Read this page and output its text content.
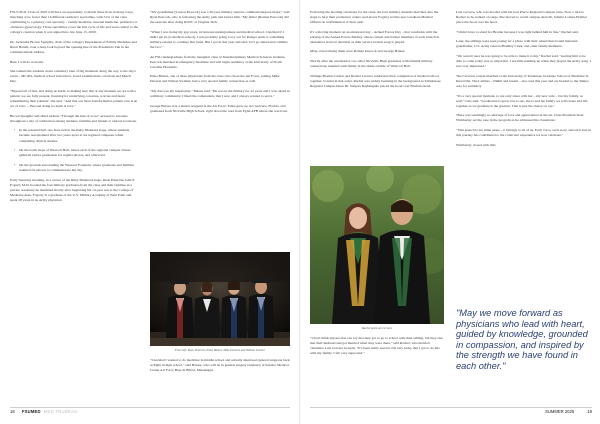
FSU's M.D. Class of 2025 will have an opportunity to match these lives in many ways, matching at no fewer than 16 different residency specialties, with 51% of the class committing to a primary care specialty – family medicine, internal medicine, pediatrics or obstetrics-gynecology. Those specialties cover the full cycle of life and were central to the college's creation when it was signed into law June 15, 2000.

Dr. Jordonika Brown Speights, chair of the college's Department of Family Medicine and Rural Health, took a deep look beyond the opening line of the President's Zeh in her commencement address.

Best, I will do no harm.

She walked the students down a memory lane of big moments along the way to the day's event – MCATs, medical school interviews, board examinations, rotations and Match Day.

"Beyond all of that, and doing no harm, is making sure that at any moment we are with a patient, we are fully present, listening for underlying concerns, worries and fears; remembering their patients" she said. "And that our most transformative patient care is an act of love. ... Beyond doing no harm is love."

Brown Speights' self-titled address "Through the lens of Love" stressed to resonate throughout a day of celebration among students, families and friends at various locations.

• In the rebound hall, one floor below the Ruby Diamond stage, where students became reacquainted after two years apart at six regional campuses while completing clinical studies.
• On the north steps of Westcott Hall, where each of the regional campus classes gathered before graduation for regalia photos; and afterward.
• On the grounds surrounding the Westcott Fountain, where graduates and families reunited for photos to commemorate the day.

Early Saturday morning, in a corner of the Ruby Diamond stage, Dean Emeritus John P. Fogarty M.D. hooded the four military graduates from the class and their families in a private ceremony he instituted shortly after beginning his 14-year run as the College of Medicine dean. Fogarty is a graduate of the U.S. Military Academy at West Point and spent 28 years in an Army physician

"My grandfather [Carson Peacock] was a 26-year military veteran, command surgeon major," said Ryan Peacock, who is following the Army path laid before him. "My father [Roman Peacock] did the exercise after doing ROTC at Virginia Tech.

"When I was doing my gap years, in between undergraduate and medical school, I decided if I didn't get in [to medical school], I was probably going to try out for Ranger team or something military-related to continue that trend. But I got in that year and said, 'let's go ahead and combine the two.'"

An FSU undergraduate from the inaugural class of Interdisciplinary Medical Sciences students, Peacock matched in emergency medicine and will begin residency at the University of North Carolina Hospitals.

Erika Balaez, one of three physicians from the class who chose the Air Force, joining Mike Daveria and Nathan Swisher, had a very special family connection as well.

"My dad was my inspiration," Balaez said. "He was in the military for 22 years and I was raised in a military community. I liked the camaraderie that I saw, and I always wanted to serve."

George Balaez was a master sergeant in the Air Force. Erika grew up in Crestview, Florida, and graduated from Niceville High School, right down the road from Eglin AFB where she was born.

From left: Ryan Peacock, Erika Balaez, Mike Daveria and Nathan Swisher

"I decided I wanted to do medicine in middle school and actually shadowed general surgeons back at Eglin in high school," said Balaez, who will be in general surgery residency at Keesler Medical Center Air Force Base in Biloxi, Mississippi.

18 FSUMED MED TRUDEAU

Following the hooding ceremony for the class, the four military students marched onto the stage to hear their promotion orders read aloud. Fogarty led the new Graduate Medical Officers in reaffirmation of their oath.

It's a moving moment on an emotional day – Armed Forces Day – that concludes with the playing of the Armed Forces Medley, where current and former members of each branch in attendance stand at attention as their service branch song is played.

Mary-creed among them were Roman Peacock and George Balaez.

Shortly after the ceremonial, two other Niceville High graduates with familial military connections reunited with family in the shade outside of Westcott Hall.

Siblings Bradan Carbon and Rachel Cervera celebrated their completion of medical school together, bonded in that order. Rachel was widely beaming in the background as Tallahassee Regional Campus Dean Dr. Sanjeev Rajhangiale placed the hood over Bradan's head.

Rachel and Luis Cervera

"I don't think anyone else can say that they got to go to school with their sibling, but they also met their husband and got married when they were there," said Rachel, who married classmate Luis Cervera in April. "It's been really special. I'm very lucky that I got to do this with my family. I felt very supported."

Luis Cervera, who was hooded with his four Pierce Regional Campus class. Now a turn to Rachel as he walked on stage. She moved to watch campus dean Dr. Juliette Lomax-Homier place the hood over his head.

"I didn't have to stand for Bradan because I was right behind him in line," Rachel said.

Later, the siblings were seen posing for a photo with their wheelchair-bound maternal grandfather, U.S. Army veteran Bramley Clark, and other family members.

"We weren't sure he was going to be able to make it today," Rachel said. "Getting him to be able to come today was so important. I see him standing up when they played the Army song, I was very impressed."

The Cerveras couple matched at the University of Tennessee Graduate School of Medicine in Knoxville. The Lambas – Nikhil and Janani – also wed this year and are headed to the Tampa area for residency.

"It's a very special moment, to not only share with her – my new wife – but my family, as well," Luis said. "Graduation is great, but to see, she is and the family we will create and life together as we graduate is the greatest. That is just the cherry on top."

There was seemingly no shortage of love and appreciation in the air. Class President Sean Wimberley set the tone in the program as he addressed his classmates:

"That speech is not mine alone – it belongs to all of us. Each voice, each story, and each step in this journey has contributed to the collective experience we now celebrate."

Wimberley closed with this:

"May we move forward as physicians who lead with heart, guided by knowledge, grounded in compassion, and inspired by the strength we have found in each other."
SUMMER 2025	19
